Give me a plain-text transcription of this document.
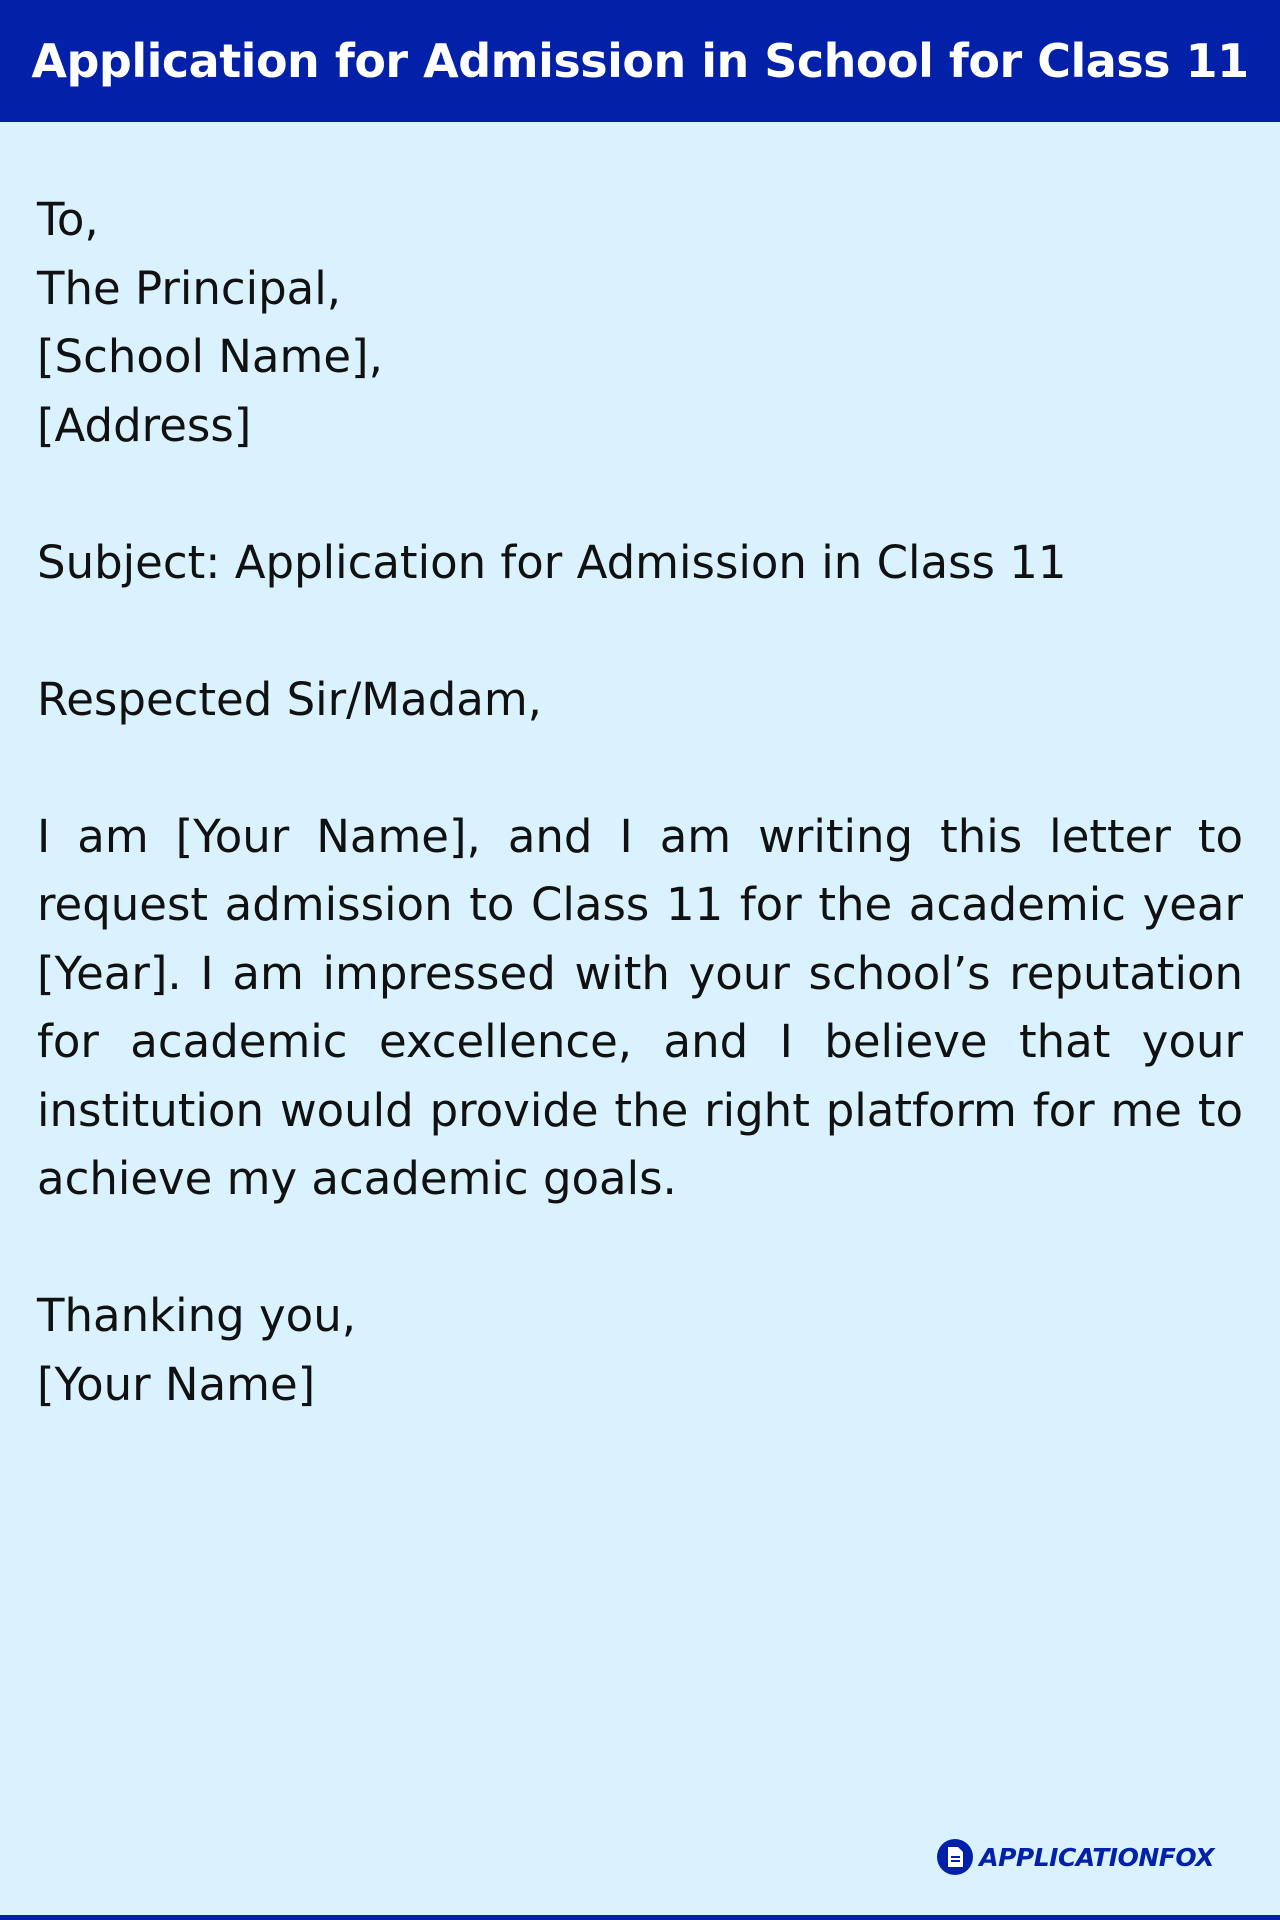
Application for Admission in School for Class 11
To,
The Principal,
[School Name],
[Address]
Subject: Application for Admission in Class 11
Respected Sir/Madam,

I am [Your Name], and I am writing this letter to request admission to Class 11 for the academic year [Year]. I am impressed with your school’s reputation for academic excellence, and I believe that your institution would provide the right platform for me to achieve my academic goals.

Thanking you,
[Your Name]
APPLICATIONFOX
